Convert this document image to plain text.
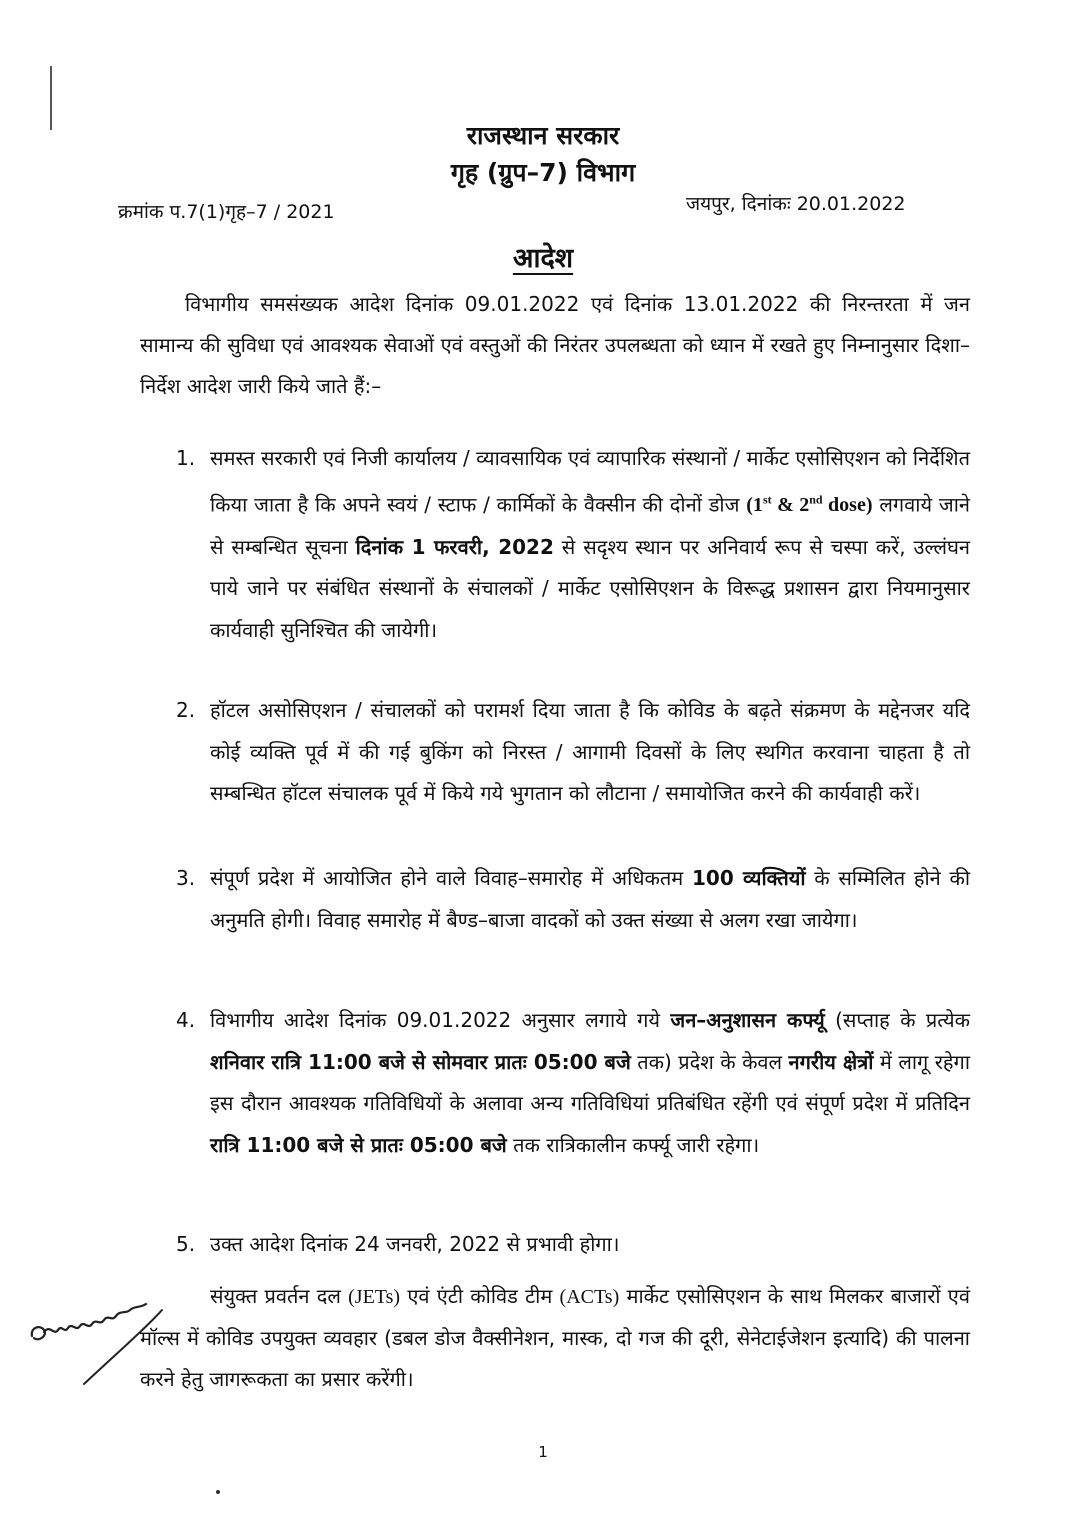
राजस्थान सरकार
गृह (ग्रुप–7) विभाग
क्रमांक प.7(1)गृह–7 / 2021	जयपुर, दिनांकः 20.01.2022
आदेश
विभागीय समसंख्यक आदेश दिनांक 09.01.2022 एवं दिनांक 13.01.2022 की निरन्तरता में जन सामान्य की सुविधा एवं आवश्यक सेवाओं एवं वस्तुओं की निरंतर उपलब्धता को ध्यान में रखते हुए निम्नानुसार दिशा–निर्देश आदेश जारी किये जाते हैं:–
1. समस्त सरकारी एवं निजी कार्यालय / व्यावसायिक एवं व्यापारिक संस्थानों / मार्केट एसोसिएशन को निर्देशित किया जाता है कि अपने स्वयं / स्टाफ / कार्मिकों के वैक्सीन की दोनों डोज (1st & 2nd dose) लगवाये जाने से सम्बन्धित सूचना दिनांक 1 फरवरी, 2022 से सदृश्य स्थान पर अनिवार्य रूप से चस्पा करें, उल्लंघन पाये जाने पर संबंधित संस्थानों के संचालकों / मार्केट एसोसिएशन के विरूद्ध प्रशासन द्वारा नियमानुसार कार्यवाही सुनिश्चित की जायेगी।
2. हॉटल असोसिएशन / संचालकों को परामर्श दिया जाता है कि कोविड के बढ़ते संक्रमण के मद्देनजर यदि कोई व्यक्ति पूर्व में की गई बुकिंग को निरस्त / आगामी दिवसों के लिए स्थगित करवाना चाहता है तो सम्बन्धित हॉटल संचालक पूर्व में किये गये भुगतान को लौटाना / समायोजित करने की कार्यवाही करें।
3. संपूर्ण प्रदेश में आयोजित होने वाले विवाह–समारोह में अधिकतम 100 व्यक्तियों के सम्मिलित होने की अनुमति होगी। विवाह समारोह में बैण्ड–बाजा वादकों को उक्त संख्या से अलग रखा जायेगा।
4. विभागीय आदेश दिनांक 09.01.2022 अनुसार लगाये गये जन–अनुशासन कर्फ्यू (सप्ताह के प्रत्येक शनिवार रात्रि 11:00 बजे से सोमवार प्रातः 05:00 बजे तक) प्रदेश के केवल नगरीय क्षेत्रों में लागू रहेगा इस दौरान आवश्यक गतिविधियों के अलावा अन्य गतिविधियां प्रतिबंधित रहेंगी एवं संपूर्ण प्रदेश में प्रतिदिन रात्रि 11:00 बजे से प्रातः 05:00 बजे तक रात्रिकालीन कर्फ्यू जारी रहेगा।
5. उक्त आदेश दिनांक 24 जनवरी, 2022 से प्रभावी होगा।
संयुक्त प्रवर्तन दल (JETs) एवं एंटी कोविड टीम (ACTs) मार्केट एसोसिएशन के साथ मिलकर बाजारों एवं मॉल्स में कोविड उपयुक्त व्यवहार (डबल डोज वैक्सीनेशन, मास्क, दो गज की दूरी, सेनेटाईजेशन इत्यादि) की पालना करने हेतु जागरूकता का प्रसार करेंगी।
1
